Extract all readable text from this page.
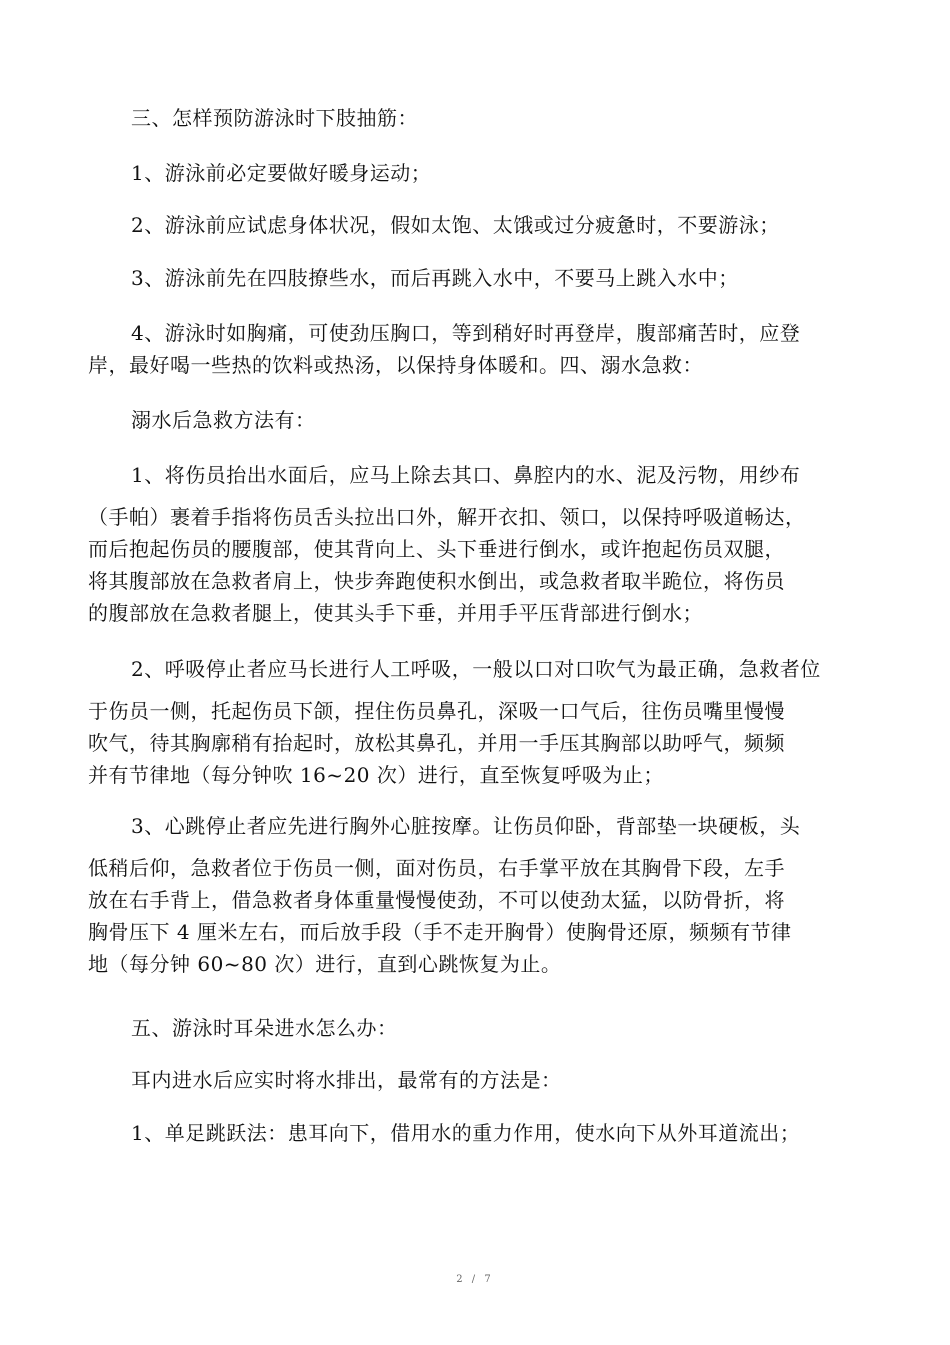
三、怎样预防游泳时下肢抽筋：

1、游泳前必定要做好暖身运动；

2、游泳前应试虑身体状况，假如太饱、太饿或过分疲惫时，不要游泳；

3、游泳前先在四肢撩些水，而后再跳入水中，不要马上跳入水中；

4、游泳时如胸痛，可使劲压胸口，等到稍好时再登岸，腹部痛苦时，应登
岸，最好喝一些热的饮料或热汤，以保持身体暖和。四、溺水急救：

溺水后急救方法有：

1、将伤员抬出水面后，应马上除去其口、鼻腔内的水、泥及污物，用纱布
（手帕）裹着手指将伤员舌头拉出口外，解开衣扣、领口，以保持呼吸道畅达，
而后抱起伤员的腰腹部，使其背向上、头下垂进行倒水，或许抱起伤员双腿，
将其腹部放在急救者肩上，快步奔跑使积水倒出，或急救者取半跪位，将伤员
的腹部放在急救者腿上，使其头手下垂，并用手平压背部进行倒水；
2、呼吸停止者应马长进行人工呼吸，一般以口对口吹气为最正确，急救者位
于伤员一侧，托起伤员下颌，捏住伤员鼻孔，深吸一口气后，往伤员嘴里慢慢
吹气，待其胸廓稍有抬起时，放松其鼻孔，并用一手压其胸部以助呼气，频频
并有节律地（每分钟吹 16~20 次）进行，直至恢复呼吸为止；
3、心跳停止者应先进行胸外心脏按摩。让伤员仰卧，背部垫一块硬板，头
低稍后仰，急救者位于伤员一侧，面对伤员，右手掌平放在其胸骨下段，左手
放在右手背上，借急救者身体重量慢慢使劲，不可以使劲太猛，以防骨折，将
胸骨压下 4 厘米左右，而后放手段（手不走开胸骨）使胸骨还原，频频有节律
地（每分钟 60~80 次）进行，直到心跳恢复为止。

五、游泳时耳朵进水怎么办：

耳内进水后应实时将水排出，最常有的方法是：

1、单足跳跃法：患耳向下，借用水的重力作用，使水向下从外耳道流出；

2 / 7
